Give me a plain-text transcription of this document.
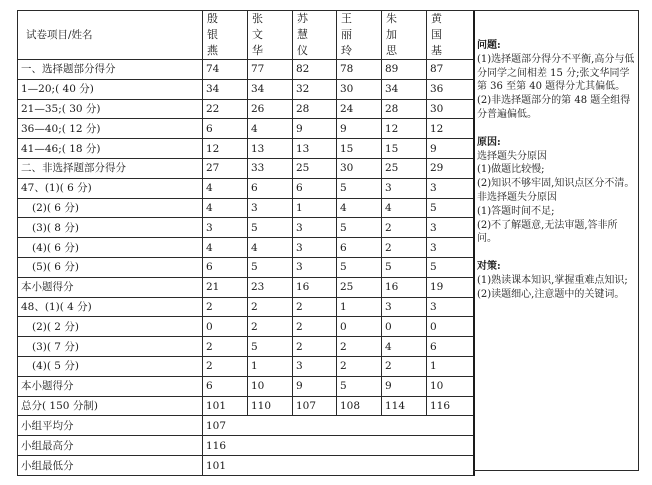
试卷项目/姓名	殷 银 燕	张 文 华	苏 慧 仪	王 丽 玲	朱 加 思	黄 国 基
一、选择题部分得分	74	77	82	78	89	87
1—20;( 40 分)	34	34	32	30	34	36
21—35;( 30 分)	22	26	28	24	28	30
36—40;( 12 分)	6	4	9	9	12	12
41—46;( 18 分)	12	13	13	15	15	9
二、非选择题部分得分	27	33	25	30	25	29
47、(1)( 6 分)	4	6	6	5	3	3
(2)( 6 分)	4	3	1	4	4	5
(3)( 8 分)	3	5	3	5	2	3
(4)( 6 分)	4	4	3	6	2	3
(5)( 6 分)	6	5	3	5	5	5
本小题得分	21	23	16	25	16	19
48、(1)( 4 分)	2	2	2	1	3	3
(2)( 2 分)	0	2	2	0	0	0
(3)( 7 分)	2	5	2	2	4	6
(4)( 5 分)	2	1	3	2	2	1
本小题得分	6	10	9	5	9	10
总分( 150 分制)	101	110	107	108	114	116
小组平均分	107					
小组最高分	116					
小组最低分	101					

问题:

(1)选择题部分得分不平衡,高分与低分同学之间相差 15 分;张文华同学第 36 至第 40 题得分尤其偏低。

(2)非选择题部分的第 48 题全组得分普遍偏低。

原因:

选择题失分原因

(1)做题比较慢;

(2)知识不够牢固,知识点区分不清。

非选择题失分原因

(1)答题时间不足;

(2)不了解题意,无法审题,答非所问。

对策:

(1)熟读课本知识,掌握重难点知识;

(2)读题细心,注意题中的关键词。
